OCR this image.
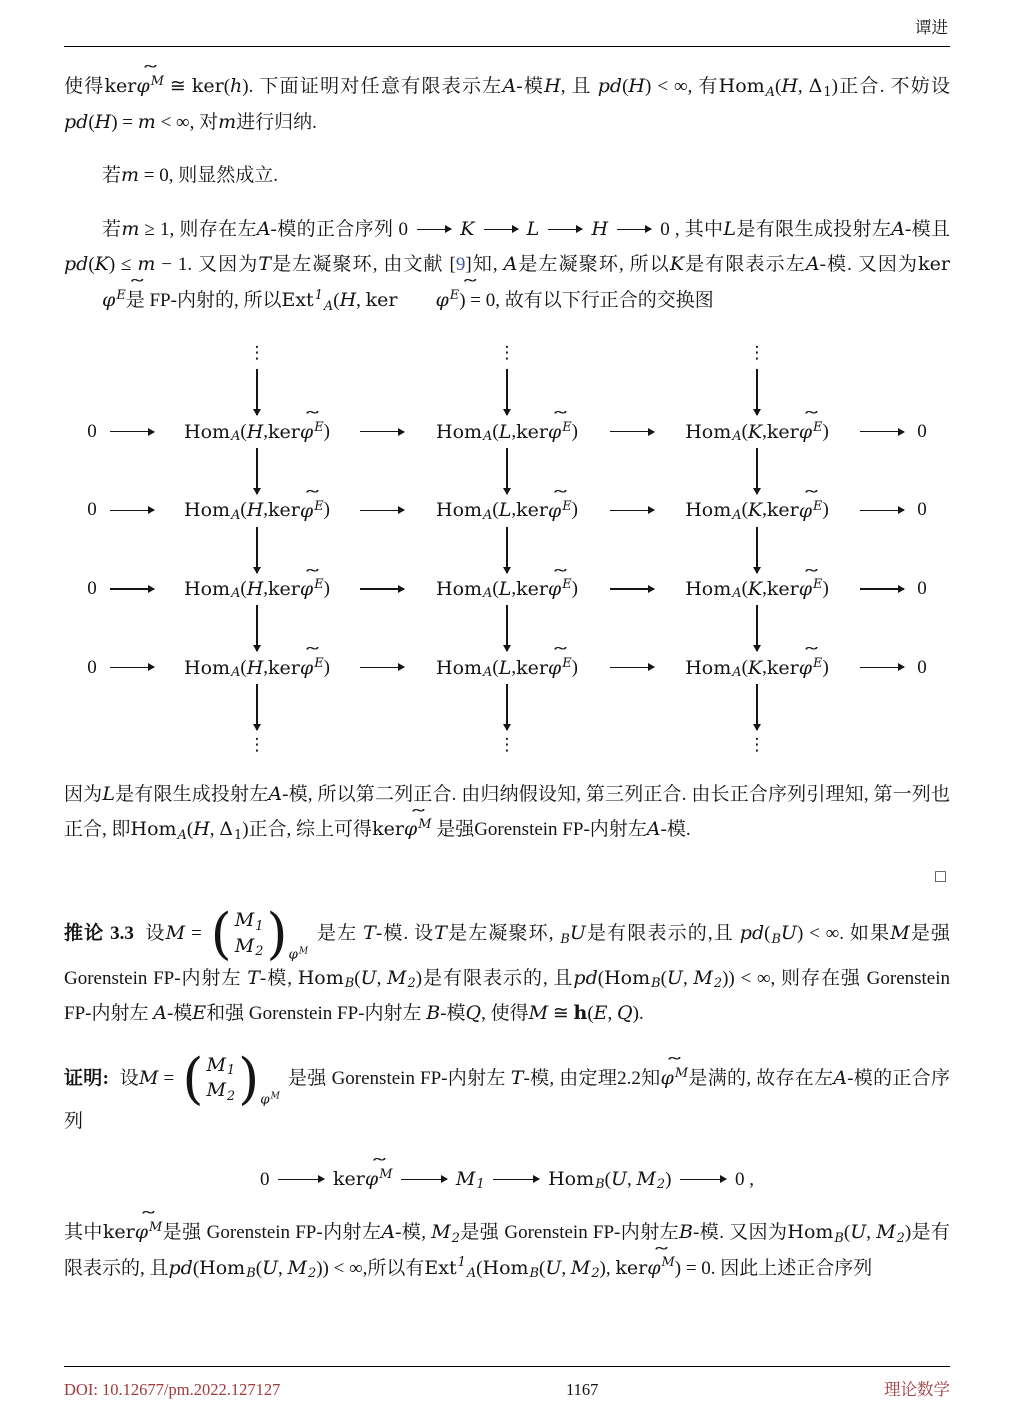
谭进

使得ker˜ $\varphi^M$ ≅ ker(h). 下面证明对任意有限表示左A-模H, 且 pd(H) < ∞, 有HomA(H, Δ1)正合. 不妨设 pd(H) = m < ∞, 对m进行归纳.

若m = 0, 则显然成立.

若m ≥ 1, 则存在左A-模的正合序列 0  K	L	H  0 , 其中L是有限生成投射左A-模且pd(K) ≤ m − 1. 又因为T是左凝聚环, 由文献 [9]知, A是左凝聚环, 所以K是有限表示左A-模. 又因为ker˜ $\varphi^E$是 FP-内射的, 所以Ext$^1$A(H, ker ˜ $\varphi^E) = 0$, 故有以下行正合的交换图

⋮	⋮	⋮
0	Hom A ( H , ker ˜ $\varphi^E$ )	Hom A ( L , ker ˜ $\varphi^E$ )	Hom A ( K , ker ˜ $\varphi^E$ )	0
0	Hom A ( H , ker ˜ $\varphi^E$ )	Hom A ( L , ker ˜ $\varphi^E$ )	Hom A ( K , ker ˜ $\varphi^E$ )	0
0	Hom A ( H , ker ˜ $\varphi^E$ )	Hom A ( L , ker ˜ $\varphi^E$ )	Hom A ( K , ker ˜ $\varphi^E$ )	0
0	Hom A ( H , ker ˜ $\varphi^E$ )	Hom A ( L , ker ˜ $\varphi^E$ )	Hom A ( K , ker ˜ $\varphi^E$ )	0
⋮	⋮	⋮

因为L是有限生成投射左A-模, 所以第二列正合. 由归纳假设知, 第三列正合. 由长正合序列引理知, 第一列也正合, 即HomA(H, Δ1)正合, 综上可得ker˜ $\varphi^M$ 是强Gorenstein FP-内射左A-模.

□

推论 3.3 设M = ( M1
M2 ) $\varphi^M$
是左 T-模. 设T是左凝聚环, BU是有限表示的,且 pd(BU) < ∞. 如果M是强 Gorenstein FP-内射左 T-模, HomB(U, M2)是有限表示的, 且pd(HomB(U, M2)) < ∞, 则存在强 Gorenstein FP-内射左 A-模E和强 Gorenstein FP-内射左 B-模Q, 使得M ≅ h(E, Q).

证明: 设M = ( M1
M2 ) $\varphi^M$
是强 Gorenstein FP-内射左 T-模, 由定理2.2知˜ $\varphi^M$是满的, 故存在左A-模的正合序列

0	ker˜ $\varphi^M$	M1	HomB(U, M2)	0 ,

其中ker˜ $\varphi^M$是强 Gorenstein FP-内射左A-模, M2是强 Gorenstein FP-内射左B-模. 又因为HomB(U, M2)是有限表示的, 且pd(HomB(U, M2)) < ∞,所以有Ext$^1$A(HomB(U, M2), ker˜ $\varphi^M) = 0$. 因此上述正合序列

DOI: 10.12677/pm.2022.127127	1167	理论数学
